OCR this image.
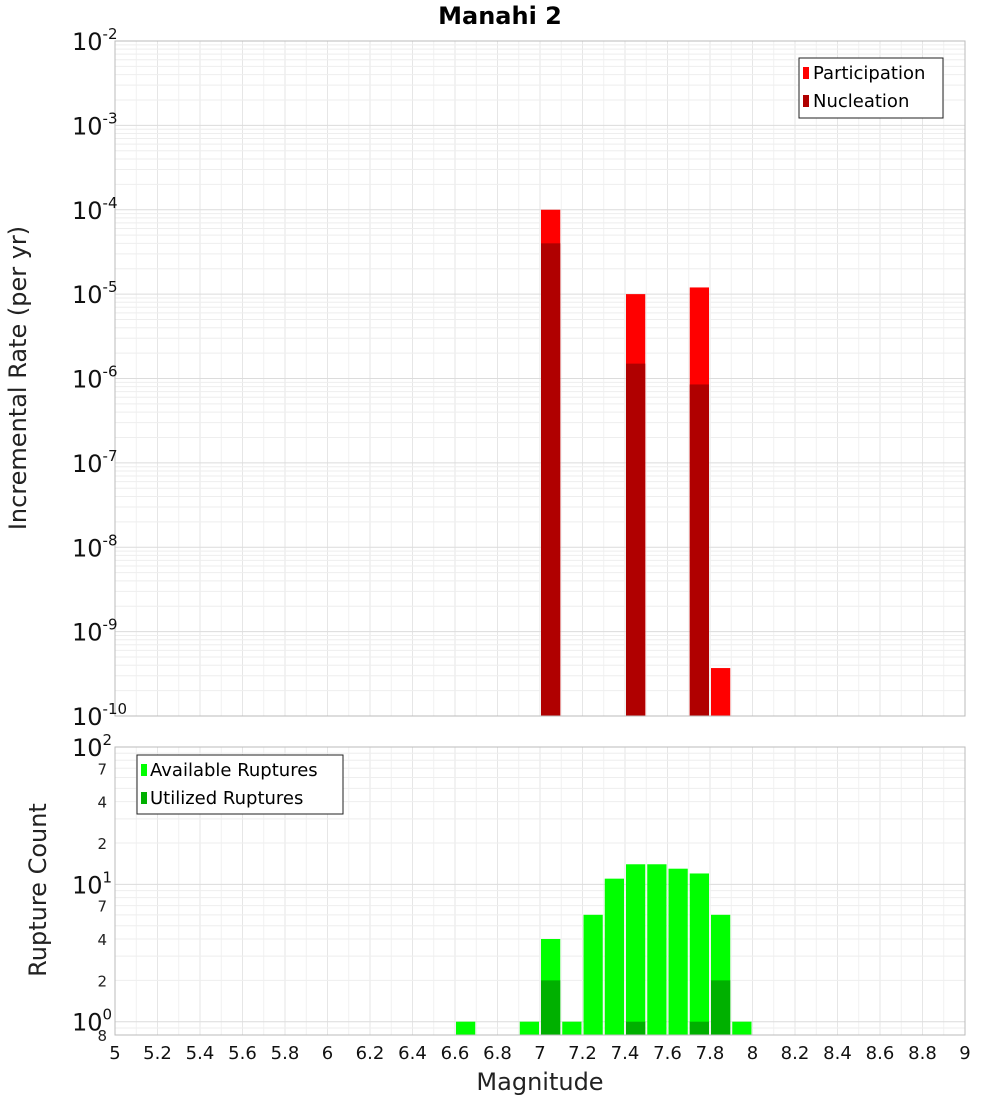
Manahi 2
Incremental Rate (per yr)
Rupture Count
Magnitude
$10^{-2}$
$10^{-3}$
$10^{-4}$
$10^{-5}$
$10^{-6}$
$10^{-7}$
$10^{-8}$
$10^{-9}$
$10^{-10}$
Participation
Nucleation
$10^2$
$10^1$
$10^0$
7
4
2
7
4
2
8
5 5.2 5.4 5.6 5.8 6 6.2 6.4 6.6 6.8 7 7.2 7.4 7.6 7.8 8 8.2 8.4 8.6 8.8 9
Available Ruptures
Utilized Ruptures
